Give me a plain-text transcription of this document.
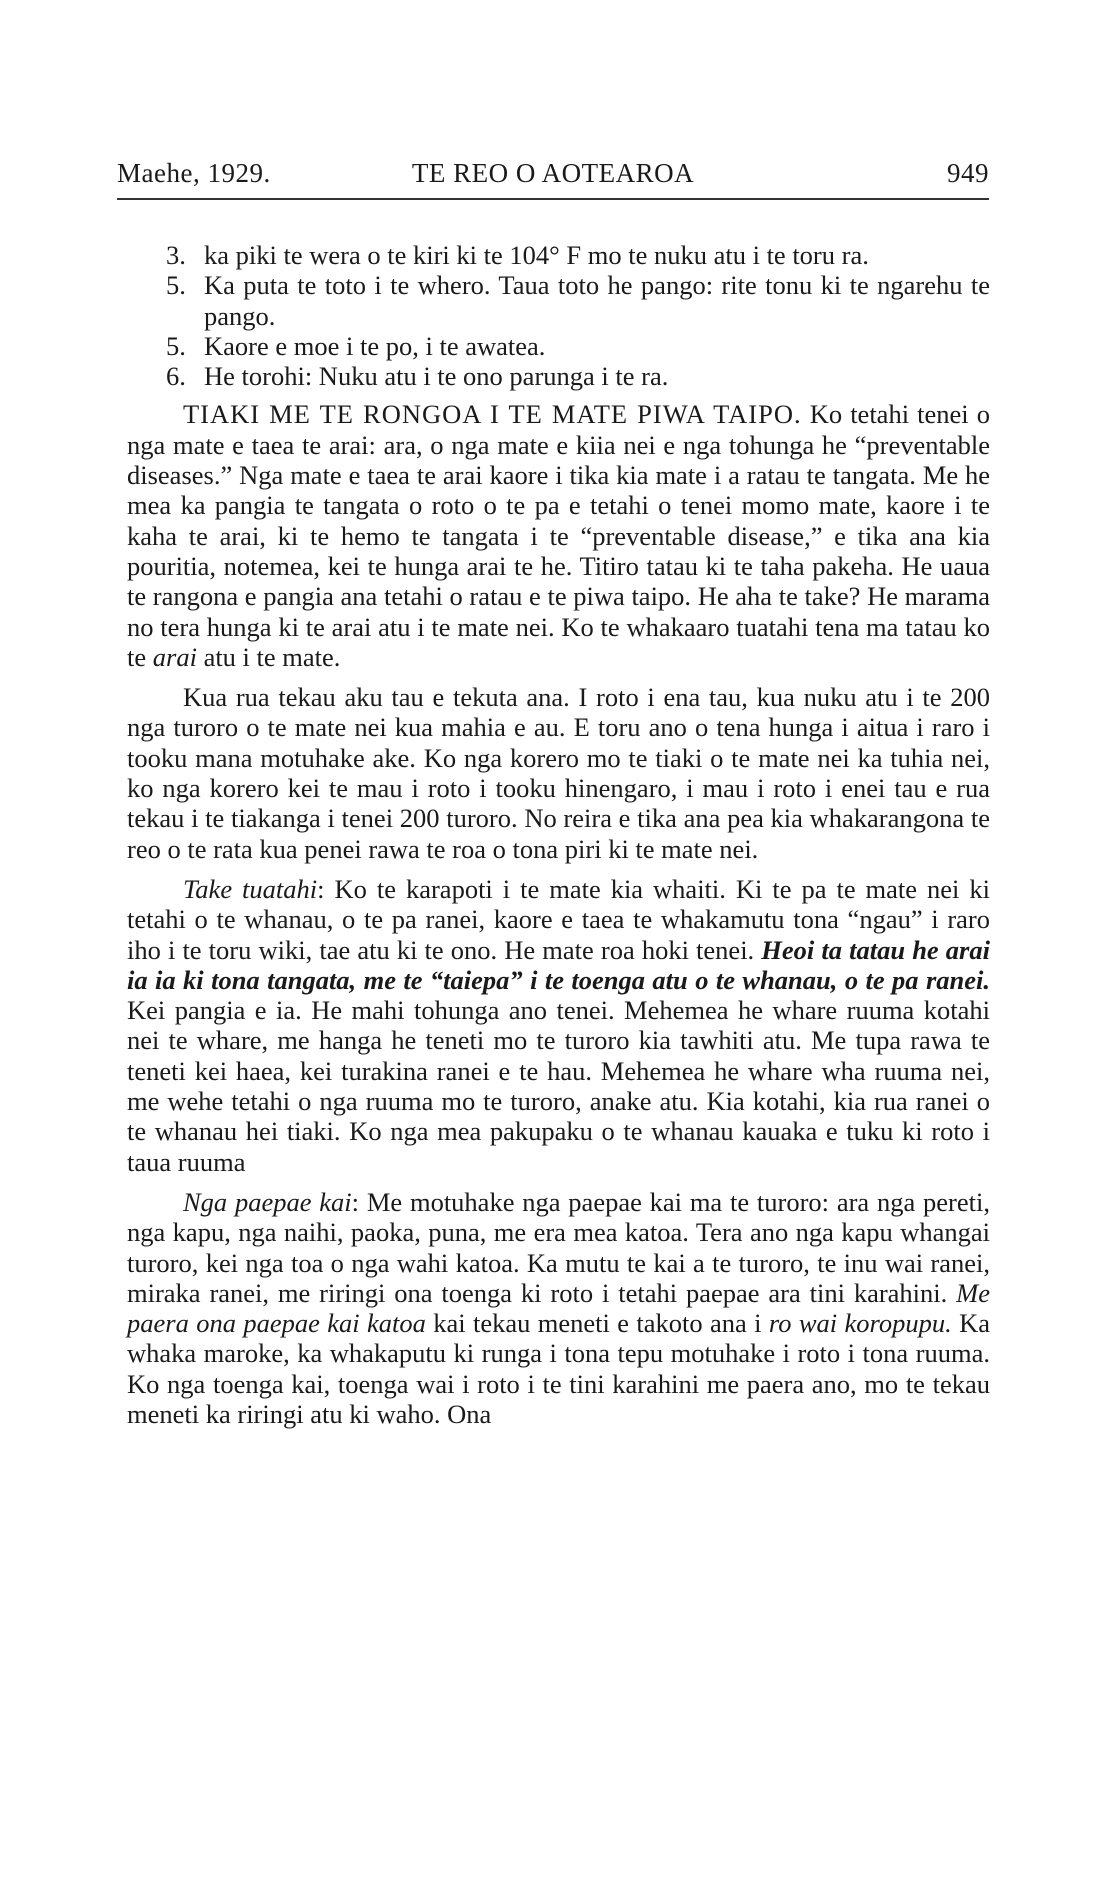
Maehe, 1929.	TE REO O AOTEAROA	949
3. ka piki te wera o te kiri ki te 104° F mo te nuku atu i te toru ra.
5. Ka puta te toto i te whero. Taua toto he pango: rite tonu ki te ngarehu te pango.
5. Kaore e moe i te po, i te awatea.
6. He torohi: Nuku atu i te ono parunga i te ra.

TIAKI ME TE RONGOA I TE MATE PIWA TAIPO. Ko tetahi tenei o nga mate e taea te arai: ara, o nga mate e kiia nei e nga tohunga he “preventable diseases.” Nga mate e taea te arai kaore i tika kia mate i a ratau te tangata. Me he mea ka pangia te tangata o roto o te pa e tetahi o tenei momo mate, kaore i te kaha te arai, ki te hemo te tangata i te “preventable disease,” e tika ana kia pouritia, notemea, kei te hunga arai te he. Titiro tatau ki te taha pakeha. He uaua te rangona e pangia ana tetahi o ratau e te piwa taipo. He aha te take? He marama no tera hunga ki te arai atu i te mate nei. Ko te whakaaro tuatahi tena ma tatau ko te arai atu i te mate.

Kua rua tekau aku tau e tekuta ana. I roto i ena tau, kua nuku atu i te 200 nga turoro o te mate nei kua mahia e au. E toru ano o tena hunga i aitua i raro i tooku mana motuhake ake. Ko nga korero mo te tiaki o te mate nei ka tuhia nei, ko nga korero kei te mau i roto i tooku hinengaro, i mau i roto i enei tau e rua tekau i te tiakanga i tenei 200 turoro. No reira e tika ana pea kia whakarangona te reo o te rata kua penei rawa te roa o tona piri ki te mate nei.

Take tuatahi: Ko te karapoti i te mate kia whaiti. Ki te pa te mate nei ki tetahi o te whanau, o te pa ranei, kaore e taea te whakamutu tona “ngau” i raro iho i te toru wiki, tae atu ki te ono. He mate roa hoki tenei. Heoi ta tatau he arai ia ia ki tona tangata, me te “taiepa” i te toenga atu o te whanau, o te pa ranei. Kei pangia e ia. He mahi tohunga ano tenei. Mehemea he whare ruuma kotahi nei te whare, me hanga he teneti mo te turoro kia tawhiti atu. Me tupa rawa te teneti kei haea, kei turakina ranei e te hau. Mehemea he whare wha ruuma nei, me wehe tetahi o nga ruuma mo te turoro, anake atu. Kia kotahi, kia rua ranei o te whanau hei tiaki. Ko nga mea pakupaku o te whanau kauaka e tuku ki roto i taua ruuma

Nga paepae kai: Me motuhake nga paepae kai ma te turoro: ara nga pereti, nga kapu, nga naihi, paoka, puna, me era mea katoa. Tera ano nga kapu whangai turoro, kei nga toa o nga wahi katoa. Ka mutu te kai a te turoro, te inu wai ranei, miraka ranei, me riringi ona toenga ki roto i tetahi paepae ara tini karahini. Me paera ona paepae kai katoa kai tekau meneti e takoto ana i ro wai koropupu. Ka whaka maroke, ka whakaputu ki runga i tona tepu motuhake i roto i tona ruuma. Ko nga toenga kai, toenga wai i roto i te tini karahini me paera ano, mo te tekau meneti ka riringi atu ki waho. Ona
